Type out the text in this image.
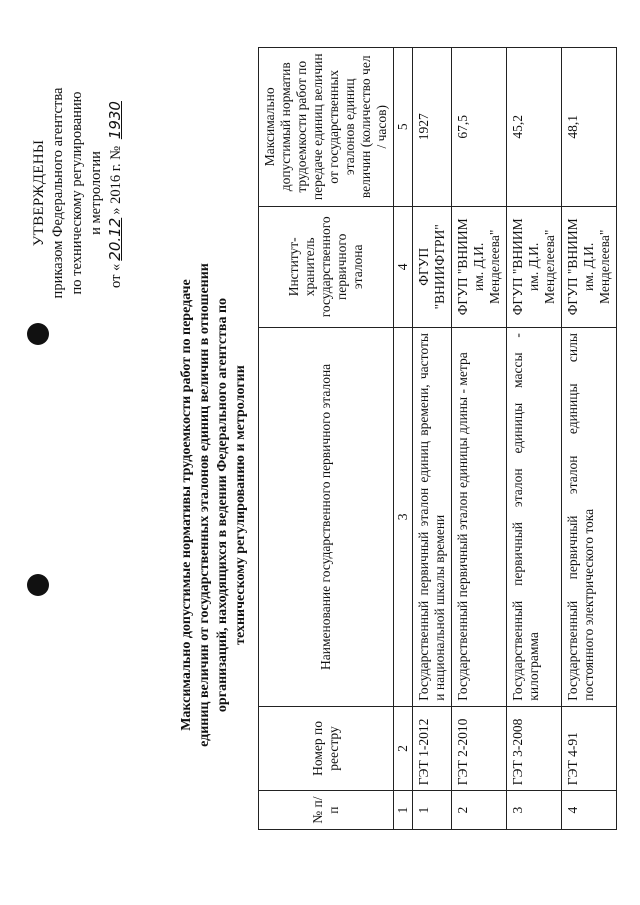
УТВЕРЖДЕНЫ приказом Федерального агентства по техническому регулированию и метрологии
от «20.12» 2016 г. № 1930
Максимально допустимые нормативы трудоемкости работ по передаче единиц величин от государственных эталонов единиц величин в отношении организаций, находящихся в ведении Федерального агентства по техническому регулированию и метрологии
№ п/п	Номер по реестру	Наименование государственного первичного эталона	Институт-хранитель государственного первичного эталона	Максимально допустимый норматив трудоемкости работ по передаче единиц величин от государственных эталонов единиц величин (количество чел / часов)
1	2	3	4	5
1	ГЭТ 1-2012	Государственный первичный эталон единиц времени, частоты и национальной шкалы времени	ФГУП "ВНИИФТРИ"	1927
2	ГЭТ 2-2010	Государственный первичный эталон единицы длины - метра	ФГУП "ВНИИМ им. Д.И. Менделеева"	67,5
3	ГЭТ 3-2008	Государственный первичный эталон единицы массы - килограмма	ФГУП "ВНИИМ им. Д.И. Менделеева"	45,2
4	ГЭТ 4-91	Государственный первичный эталон единицы силы постоянного электрического тока	ФГУП "ВНИИМ им. Д.И. Менделеева"	48,1
